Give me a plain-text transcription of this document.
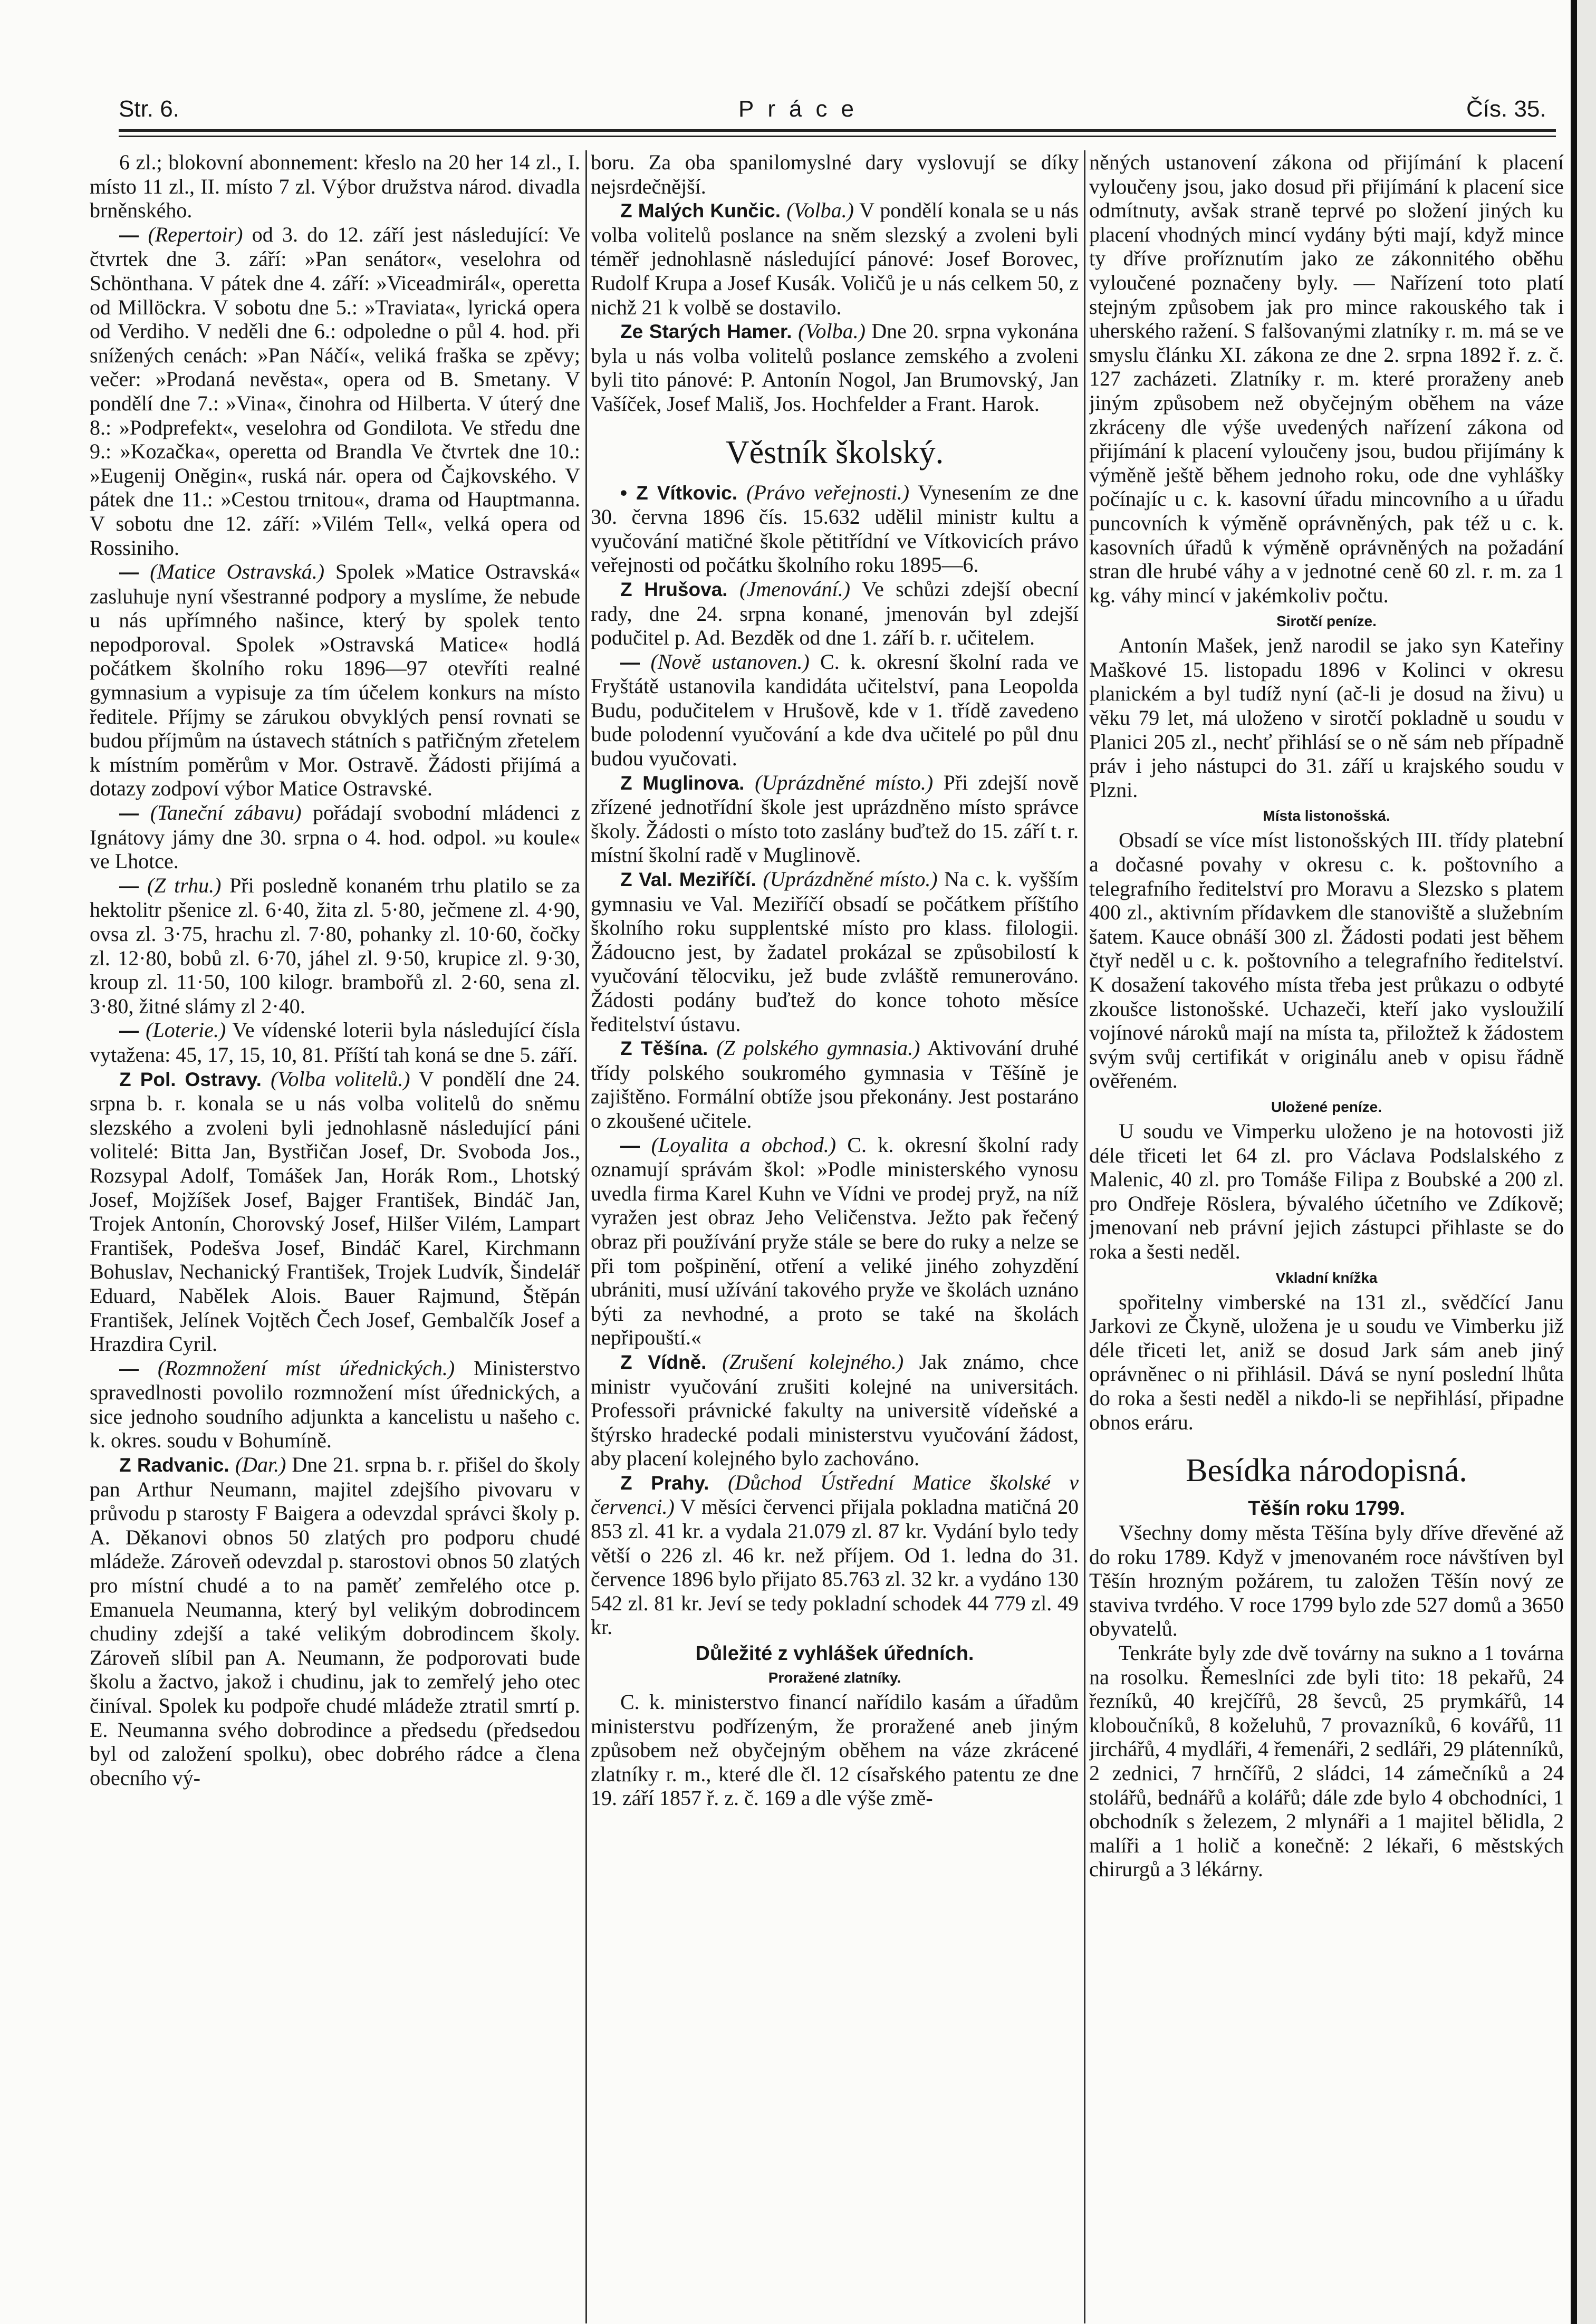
Str. 6.	Práce	Čís. 35.

6 zl.; blokovní abonnement: křeslo na 20 her 14 zl., I. místo 11 zl., II. místo 7 zl. Výbor družstva národ. divadla brněnského.

— (Repertoir) od 3. do 12. září jest následující: Ve čtvrtek dne 3. září: »Pan senátor«, veselohra od Schönthana. V pátek dne 4. září: »Viceadmirál«, operetta od Millöckra. V sobotu dne 5.: »Traviata«, lyrická opera od Verdiho. V neděli dne 6.: odpoledne o půl 4. hod. při snížených cenách: »Pan Náčí«, veliká fraška se zpěvy; večer: »Prodaná nevěsta«, opera od B. Smetany. V pondělí dne 7.: »Vina«, činohra od Hilberta. V úterý dne 8.: »Podprefekt«, veselohra od Gondilota. Ve středu dne 9.: »Kozačka«, operetta od Brandla Ve čtvrtek dne 10.: »Eugenij Oněgin«, ruská nár. opera od Čajkovského. V pátek dne 11.: »Cestou trnitou«, drama od Hauptmanna. V sobotu dne 12. září: »Vilém Tell«, velká opera od Rossiniho.

— (Matice Ostravská.) Spolek »Matice Ostravská« zasluhuje nyní všestranné podpory a myslíme, že nebude u nás upřímného našince, který by spolek tento nepodporoval. Spolek »Ostravská Matice« hodlá počátkem školního roku 1896—97 otevříti realné gymnasium a vypisuje za tím účelem konkurs na místo ředitele. Příjmy se zárukou obvyklých pensí rovnati se budou příjmům na ústavech státních s patřičným zřetelem k místním poměrům v Mor. Ostravě. Žádosti přijímá a dotazy zodpoví výbor Matice Ostravské.

— (Taneční zábavu) pořádají svobodní mládenci z Ignátovy jámy dne 30. srpna o 4. hod. odpol. »u koule« ve Lhotce.

— (Z trhu.) Při posledně konaném trhu platilo se za hektolitr pšenice zl. 6·40, žita zl. 5·80, ječmene zl. 4·90, ovsa zl. 3·75, hrachu zl. 7·80, pohanky zl. 10·60, čočky zl. 12·80, bobů zl. 6·70, jáhel zl. 9·50, krupice zl. 9·30, kroup zl. 11·50, 100 kilogr. brambořů zl. 2·60, sena zl. 3·80, žitné slámy zl 2·40.

— (Loterie.) Ve vídenské loterii byla následující čísla vytažena: 45, 17, 15, 10, 81. Příští tah koná se dne 5. září.

Z Pol. Ostravy. (Volba volitelů.) V pondělí dne 24. srpna b. r. konala se u nás volba volitelů do sněmu slezského a zvoleni byli jednohlasně následující páni volitelé: Bitta Jan, Bystřičan Josef, Dr. Svoboda Jos., Rozsypal Adolf, Tomášek Jan, Horák Rom., Lhotský Josef, Mojžíšek Josef, Bajger František, Bindáč Jan, Trojek Antonín, Chorovský Josef, Hilšer Vilém, Lampart František, Podešva Josef, Bindáč Karel, Kirchmann Bohuslav, Nechanický František, Trojek Ludvík, Šindelář Eduard, Nabělek Alois. Bauer Rajmund, Štěpán František, Jelínek Vojtěch Čech Josef, Gembalčík Josef a Hrazdira Cyril.

— (Rozmnožení míst úřednických.) Ministerstvo spravedlnosti povolilo rozmnožení míst úřednických, a sice jednoho soudního adjunkta a kancelistu u našeho c. k. okres. soudu v Bohumíně.

Z Radvanic. (Dar.) Dne 21. srpna b. r. přišel do školy pan Arthur Neumann, majitel zdejšího pivovaru v průvodu p starosty F Baigera a odevzdal správci školy p. A. Děkanovi obnos 50 zlatých pro podporu chudé mládeže. Zároveň odevzdal p. starostovi obnos 50 zlatých pro místní chudé a to na paměť zemřelého otce p. Emanuela Neumanna, který byl velikým dobrodincem chudiny zdejší a také velikým dobrodincem školy. Zároveň slíbil pan A. Neumann, že podporovati bude školu a žactvo, jakož i chudinu, jak to zemřelý jeho otec činíval. Spolek ku podpoře chudé mládeže ztratil smrtí p. E. Neumanna svého dobrodince a předsedu (předsedou byl od založení spolku), obec dobrého rádce a člena obecního vý-

boru. Za oba spanilomyslné dary vyslovují se díky nejsrdečnější.

Z Malých Kunčic. (Volba.) V pondělí konala se u nás volba volitelů poslance na sněm slezský a zvoleni byli téměř jednohlasně následující pánové: Josef Borovec, Rudolf Krupa a Josef Kusák. Voličů je u nás celkem 50, z nichž 21 k volbě se dostavilo.

Ze Starých Hamer. (Volba.) Dne 20. srpna vykonána byla u nás volba volitelů poslance zemského a zvoleni byli tito pánové: P. Antonín Nogol, Jan Brumovský, Jan Vašíček, Josef Mališ, Jos. Hochfelder a Frant. Harok.

Věstník školský.

• Z Vítkovic. (Právo veřejnosti.) Vynesením ze dne 30. června 1896 čís. 15.632 udělil ministr kultu a vyučování matičné škole pětitřídní ve Vítkovicích právo veřejnosti od počátku školního roku 1895—6.

Z Hrušova. (Jmenování.) Ve schůzi zdejší obecní rady, dne 24. srpna konané, jmenován byl zdejší podučitel p. Ad. Bezděk od dne 1. září b. r. učitelem.

— (Nově ustanoven.) C. k. okresní školní rada ve Fryštátě ustanovila kandidáta učitelství, pana Leopolda Budu, podučitelem v Hrušově, kde v 1. třídě zavedeno bude polodenní vyučování a kde dva učitelé po půl dnu budou vyučovati.

Z Muglinova. (Uprázdněné místo.) Při zdejší nově zřízené jednotřídní škole jest uprázdněno místo správce školy. Žádosti o místo toto zaslány buďtež do 15. září t. r. místní školní radě v Muglinově.

Z Val. Meziříčí. (Uprázdněné místo.) Na c. k. vyšším gymnasiu ve Val. Meziříčí obsadí se počátkem příštího školního roku supplentské místo pro klass. filologii. Žádoucno jest, by žadatel prokázal se způsobilostí k vyučování tělocviku, jež bude zvláště remunerováno. Žádosti podány buďtež do konce tohoto měsíce ředitelství ústavu.

Z Těšína. (Z polského gymnasia.) Aktivování druhé třídy polského soukromého gymnasia v Těšíně je zajištěno. Formální obtíže jsou překonány. Jest postaráno o zkoušené učitele.

— (Loyalita a obchod.) C. k. okresní školní rady oznamují správám škol: »Podle ministerského vynosu uvedla firma Karel Kuhn ve Vídni ve prodej pryž, na níž vyražen jest obraz Jeho Veličenstva. Ježto pak řečený obraz při používání pryže stále se bere do ruky a nelze se při tom pošpinění, otření a veliké jiného zohyzdění ubrániti, musí užívání takového pryže ve školách uznáno býti za nevhodné, a proto se také na školách nepřipouští.«

Z Vídně. (Zrušení kolejného.) Jak známo, chce ministr vyučování zrušiti kolejné na universitách. Professoři právnické fakulty na universitě vídeňské a štýrsko hradecké podali ministerstvu vyučování žádost, aby placení kolejného bylo zachováno.

Z Prahy. (Důchod Ústřední Matice školské v červenci.) V měsíci červenci přijala pokladna matičná 20 853 zl. 41 kr. a vydala 21.079 zl. 87 kr. Vydání bylo tedy větší o 226 zl. 46 kr. než příjem. Od 1. ledna do 31. července 1896 bylo přijato 85.763 zl. 32 kr. a vydáno 130 542 zl. 81 kr. Jeví se tedy pokladní schodek 44 779 zl. 49 kr.

Důležité z vyhlášek úředních.
Proražené zlatníky.

C. k. ministerstvo financí nařídilo kasám a úřadům ministerstvu podřízeným, že proražené aneb jiným způsobem než obyčejným oběhem na váze zkrácené zlatníky r. m., které dle čl. 12 císařského patentu ze dne 19. září 1857 ř. z. č. 169 a dle výše změ-

něných ustanovení zákona od přijímání k placení vyloučeny jsou, jako dosud při přijímání k placení sice odmítnuty, avšak straně teprvé po složení jiných ku placení vhodných mincí vydány býti mají, když mince ty dříve proříznutím jako ze zákonnitého oběhu vyloučené poznačeny byly. — Nařízení toto platí stejným způsobem jak pro mince rakouského tak i uherského ražení. S falšovanými zlatníky r. m. má se ve smyslu článku XI. zákona ze dne 2. srpna 1892 ř. z. č. 127 zacházeti. Zlatníky r. m. které proraženy aneb jiným způsobem než obyčejným oběhem na váze zkráceny dle výše uvedených nařízení zákona od přijímání k placení vyloučeny jsou, budou přijímány k výměně ještě během jednoho roku, ode dne vyhlášky počínajíc u c. k. kasovní úřadu mincovního a u úřadu puncovních k výměně oprávněných, pak též u c. k. kasovních úřadů k výměně oprávněných na požadání stran dle hrubé váhy a v jednotné ceně 60 zl. r. m. za 1 kg. váhy mincí v jakémkoliv počtu.

Sirotčí peníze.

Antonín Mašek, jenž narodil se jako syn Kateřiny Maškové 15. listopadu 1896 v Kolinci v okresu planickém a byl tudíž nyní (ač-li je dosud na živu) u věku 79 let, má uloženo v sirotčí pokladně u soudu v Planici 205 zl., nechť přihlásí se o ně sám neb případně práv i jeho nástupci do 31. září u krajského soudu v Plzni.

Místa listonošská.

Obsadí se více míst listonošských III. třídy platební a dočasné povahy v okresu c. k. poštovního a telegrafního ředitelství pro Moravu a Slezsko s platem 400 zl., aktivním přídavkem dle stanoviště a služebním šatem. Kauce obnáší 300 zl. Žádosti podati jest během čtyř neděl u c. k. poštovního a telegrafního ředitelství. K dosažení takového místa třeba jest průkazu o odbyté zkoušce listonošské. Uchazeči, kteří jako vysloužilí vojínové nároků mají na místa ta, přiložtež k žádostem svým svůj certifikát v originálu aneb v opisu řádně ověřeném.

Uložené peníze.

U soudu ve Vimperku uloženo je na hotovosti již déle třiceti let 64 zl. pro Václava Podslalského z Malenic, 40 zl. pro Tomáše Filipa z Boubské a 200 zl. pro Ondřeje Röslera, bývalého účetního ve Zdíkově; jmenovaní neb právní jejich zástupci přihlaste se do roka a šesti neděl.

Vkladní knížka

spořitelny vimberské na 131 zl., svědčící Janu Jarkovi ze Čkyně, uložena je u soudu ve Vimberku již déle třiceti let, aniž se dosud Jark sám aneb jiný oprávněnec o ni přihlásil. Dává se nyní poslední lhůta do roka a šesti neděl a nikdo-li se nepřihlásí, připadne obnos eráru.

Besídka národopisná.
Těšín roku 1799.

Všechny domy města Těšína byly dříve dřevěné až do roku 1789. Když v jmenovaném roce návštíven byl Těšín hrozným požárem, tu založen Těšín nový ze staviva tvrdého. V roce 1799 bylo zde 527 domů a 3650 obyvatelů.

Tenkráte byly zde dvě továrny na sukno a 1 továrna na rosolku. Řemeslníci zde byli tito: 18 pekařů, 24 řezníků, 40 krejčířů, 28 ševců, 25 prymkářů, 14 kloboučníků, 8 koželuhů, 7 provazníků, 6 kovářů, 11 jirchářů, 4 mydláři, 4 řemenáři, 2 sedláři, 29 plátenníků, 2 zednici, 7 hrnčířů, 2 sládci, 14 zámečníků a 24 stolářů, bednářů a kolářů; dále zde bylo 4 obchodníci, 1 obchodník s železem, 2 mlynáři a 1 majitel bělidla, 2 malíři a 1 holič a konečně: 2 lékaři, 6 městských chirurgů a 3 lékárny.
